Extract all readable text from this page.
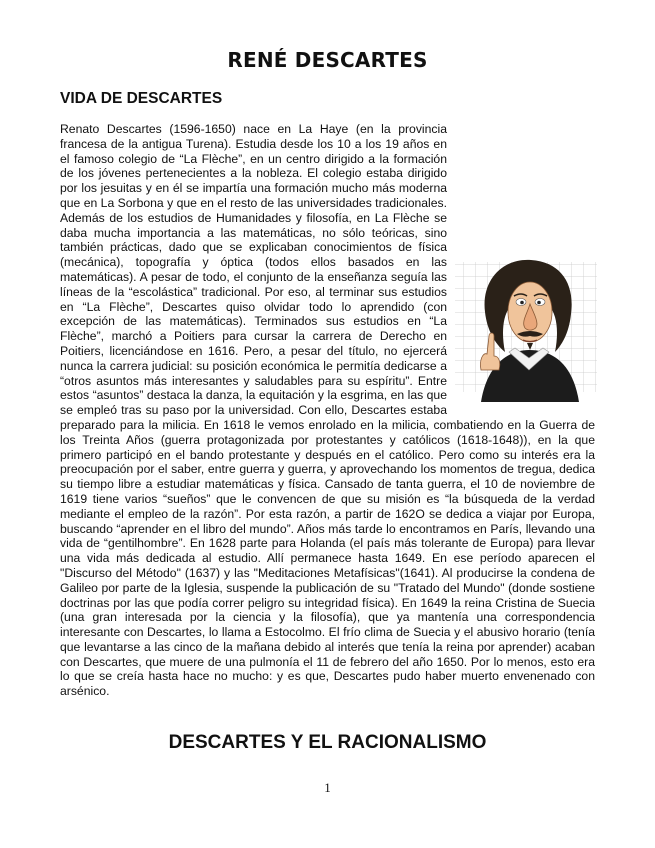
RENÉ DESCARTES
VIDA DE DESCARTES
Renato Descartes (1596-1650) nace en La Haye (en la provincia francesa de la antigua Turena). Estudia desde los 10 a los 19 años en el famoso colegio de “La Flèche”, en un centro dirigido a la formación de los jóvenes pertenecientes a la nobleza. El colegio estaba dirigido por los jesuitas y en él se impartía una formación mucho más moderna que en La Sorbona y que en el resto de las universidades tradicionales. Además de los estudios de Humanidades y filosofía, en La Flèche se daba mucha importancia a las matemáticas, no sólo teóricas, sino también prácticas, dado que se explicaban conocimientos de física (mecánica), topografía y óptica (todos ellos basados en las matemáticas). A pesar de todo, el conjunto de la enseñanza seguía las líneas de la “escolástica” tradicional. Por eso, al terminar sus estudios en “La Flèche”, Descartes quiso olvidar todo lo aprendido (con excepción de las matemáticas). Terminados sus estudios en “La Flèche”, marchó a Poitiers para cursar la carrera de Derecho en Poitiers, licenciándose en 1616. Pero, a pesar del título, no ejercerá nunca la carrera judicial: su posición económica le permitía dedicarse a “otros asuntos más interesantes y saludables para su espíritu”. Entre estos “asuntos” destaca la danza, la equitación y la esgrima, en las que se empleó tras su paso por la universidad. Con ello, Descartes estaba preparado para la milicia. En 1618 le vemos enrolado en la milicia, combatiendo en la Guerra de los Treinta Años (guerra protagonizada por protestantes y católicos (1618-1648)), en la que primero participó en el bando protestante y después en el católico. Pero como su interés era la preocupación por el saber, entre guerra y guerra, y aprovechando los momentos de tregua, dedica su tiempo libre a estudiar matemáticas y física. Cansado de tanta guerra, el 10 de noviembre de 1619 tiene varios “sueños” que le convencen de que su misión es “la búsqueda de la verdad mediante el empleo de la razón”. Por esta razón, a partir de 162O se dedica a viajar por Europa, buscando “aprender en el libro del mundo”. Años más tarde lo encontramos en París, llevando una vida de “gentilhombre”. En 1628 parte para Holanda (el país más tolerante de Europa) para llevar una vida más dedicada al estudio. Allí permanece hasta 1649. En ese período aparecen el "Discurso del Método" (1637) y las "Meditaciones Metafísicas"(1641). Al producirse la condena de Galileo por parte de la Iglesia, suspende la publicación de su "Tratado del Mundo" (donde sostiene doctrinas por las que podía correr peligro su integridad física). En 1649 la reina Cristina de Suecia (una gran interesada por la ciencia y la filosofía), que ya mantenía una correspondencia interesante con Descartes, lo llama a Estocolmo. El frío clima de Suecia y el abusivo horario (tenía que levantarse a las cinco de la mañana debido al interés que tenía la reina por aprender) acaban con Descartes, que muere de una pulmonía el 11 de febrero del año 1650. Por lo menos, esto era lo que se creía hasta hace no mucho: y es que, Descartes pudo haber muerto envenenado con arsénico.
DESCARTES Y EL RACIONALISMO
1
